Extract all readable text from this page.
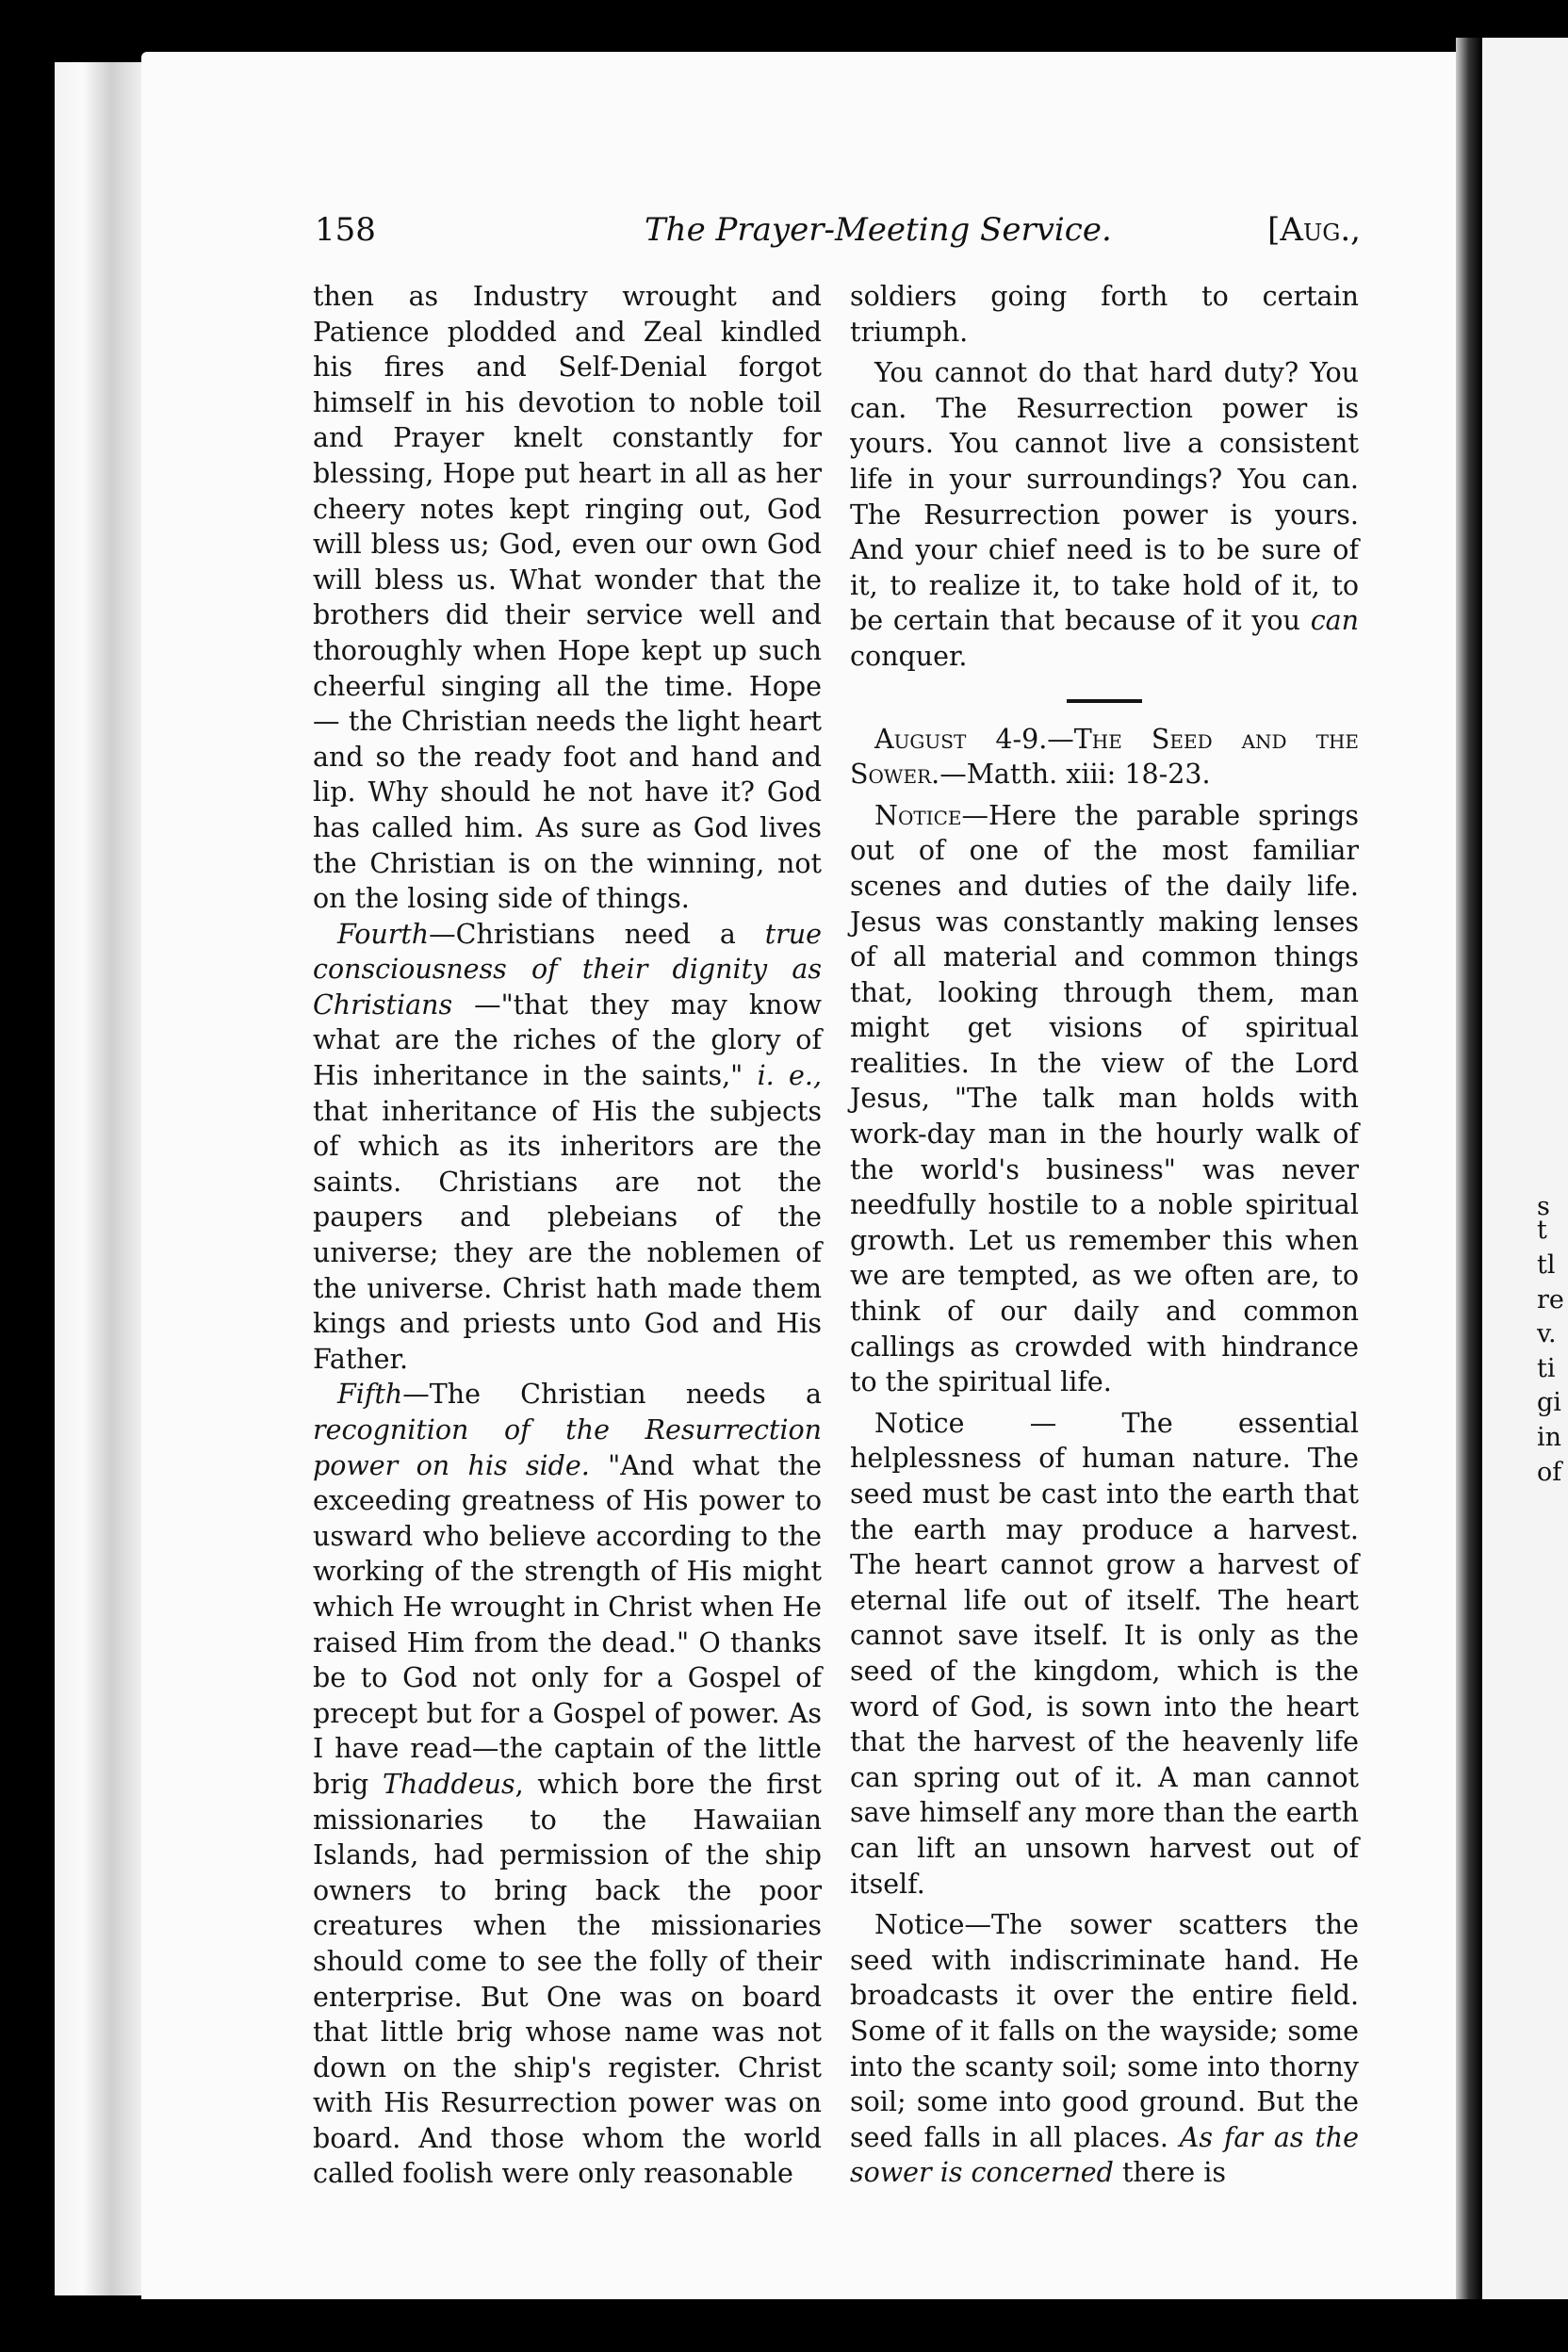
s
t
tl
re
v.
ti
gi
in
of
158	The Prayer-Meeting Service.	[Aug.,

then as Industry wrought and Patience plodded and Zeal kindled his fires and Self-Denial forgot himself in his devotion to noble toil and Prayer knelt constantly for blessing, Hope put heart in all as her cheery notes kept ringing out, God will bless us; God, even our own God will bless us. What wonder that the brothers did their service well and thoroughly when Hope kept up such cheerful singing all the time. Hope — the Christian needs the light heart and so the ready foot and hand and lip. Why should he not have it? God has called him. As sure as God lives the Christian is on the winning, not on the losing side of things.

Fourth—Christians need a true consciousness of their dignity as Christians —"that they may know what are the riches of the glory of His inheritance in the saints," i. e., that inheritance of His the subjects of which as its inheritors are the saints. Christians are not the paupers and plebeians of the universe; they are the noblemen of the universe. Christ hath made them kings and priests unto God and His Father.

Fifth—The Christian needs a recognition of the Resurrection power on his side. "And what the exceeding greatness of His power to usward who believe according to the working of the strength of His might which He wrought in Christ when He raised Him from the dead." O thanks be to God not only for a Gospel of precept but for a Gospel of power. As I have read—the captain of the little brig Thaddeus, which bore the first missionaries to the Hawaiian Islands, had permission of the ship owners to bring back the poor creatures when the missionaries should come to see the folly of their enterprise. But One was on board that little brig whose name was not down on the ship's register. Christ with His Resurrection power was on board. And those whom the world called foolish were only reasonable

soldiers going forth to certain triumph.

You cannot do that hard duty? You can. The Resurrection power is yours. You cannot live a consistent life in your surroundings? You can. The Resurrection power is yours. And your chief need is to be sure of it, to realize it, to take hold of it, to be certain that because of it you can conquer.

August 4-9.—The Seed and the Sower.—Matth. xiii: 18-23.

Notice—Here the parable springs out of one of the most familiar scenes and duties of the daily life. Jesus was constantly making lenses of all material and common things that, looking through them, man might get visions of spiritual realities. In the view of the Lord Jesus, "The talk man holds with work-day man in the hourly walk of the world's business" was never needfully hostile to a noble spiritual growth. Let us remember this when we are tempted, as we often are, to think of our daily and common callings as crowded with hindrance to the spiritual life.

Notice — The essential helplessness of human nature. The seed must be cast into the earth that the earth may produce a harvest. The heart cannot grow a harvest of eternal life out of itself. The heart cannot save itself. It is only as the seed of the kingdom, which is the word of God, is sown into the heart that the harvest of the heavenly life can spring out of it. A man cannot save himself any more than the earth can lift an unsown harvest out of itself.

Notice—The sower scatters the seed with indiscriminate hand. He broadcasts it over the entire field. Some of it falls on the wayside; some into the scanty soil; some into thorny soil; some into good ground. But the seed falls in all places. As far as the sower is concerned there is
